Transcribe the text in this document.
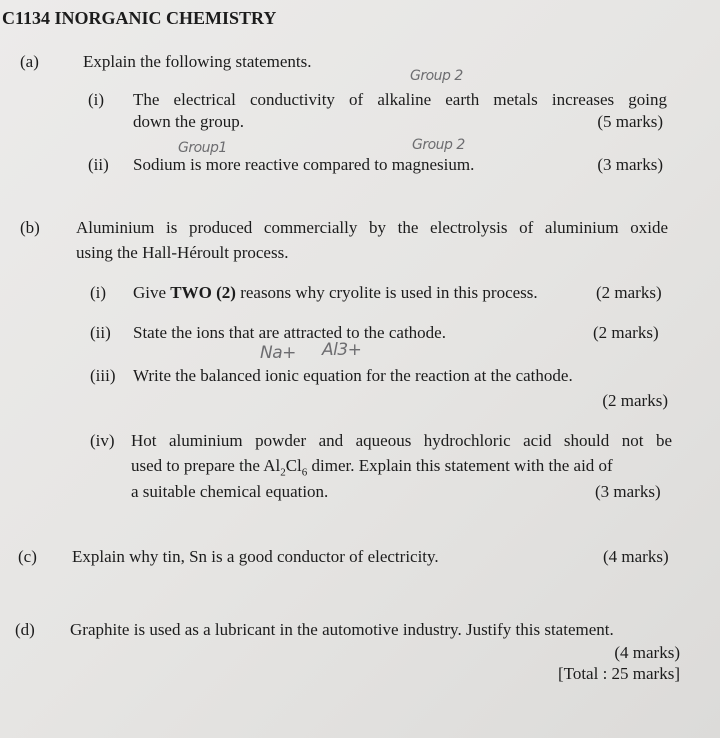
C1134 INORGANIC CHEMISTRY
(a)	Explain the following statements.
Group 2
(i) The electrical conductivity of alkaline earth metals increases going
down the group.	(5 marks)
Group1	Group 2
(ii) Sodium is more reactive compared to magnesium.	(3 marks)
(b) Aluminium is produced commercially by the electrolysis of aluminium oxide
using the Hall-Héroult process.
(i) Give TWO (2) reasons why cryolite is used in this process.	(2 marks)
(ii) State the ions that are attracted to the cathode.	(2 marks)
Na+ Al3+
(iii) Write the balanced ionic equation for the reaction at the cathode.
(2 marks)
(iv) Hot aluminium powder and aqueous hydrochloric acid should not be
used to prepare the $Al_2Cl_6$ dimer. Explain this statement with the aid of
a suitable chemical equation.	(3 marks)
(c) Explain why tin, Sn is a good conductor of electricity.	(4 marks)
(d) Graphite is used as a lubricant in the automotive industry. Justify this statement.
(4 marks)
[Total : 25 marks]
